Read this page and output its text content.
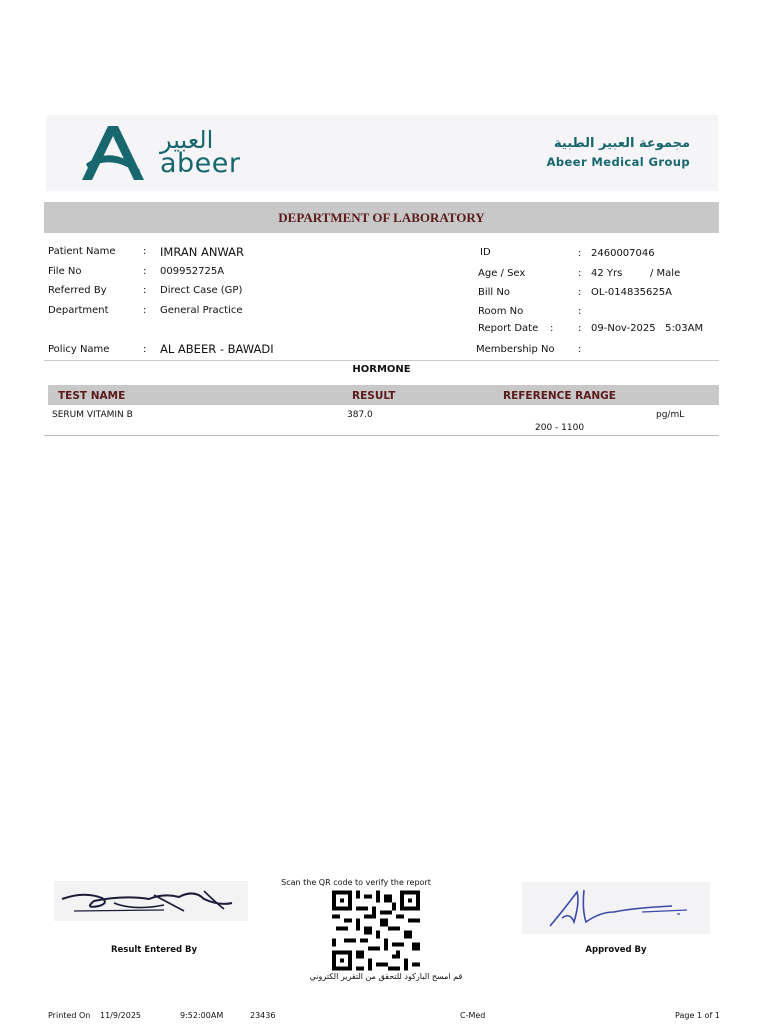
العبير
abeer
مجموعة العبير الطبية
Abeer Medical Group
DEPARTMENT OF LABORATORY
Patient Name	: IMRAN ANWAR
File No	: 009952725A
Referred By	: Direct Case (GP)
Department	: General Practice
Policy Name	: AL ABEER - BAWADI
ID	: 2460007046
Age / Sex	: 42 Yrs	/ Male
Bill No	: OL-014835625A
Room No	:
Report Date : : 09-Nov-2025   5:03AM
Membership No :
HORMONE
TEST NAME	RESULT	REFERENCE RANGE
SERUM VITAMIN B	387.0	pg/mL
200 - 1100
Result Entered By
Scan the QR code to verify the report
قم امسح الباركود للتحقق من التقرير الكتروني
Approved By
Printed On 11/9/2025	9:52:00AM	23436	C-Med	Page 1 of 1
